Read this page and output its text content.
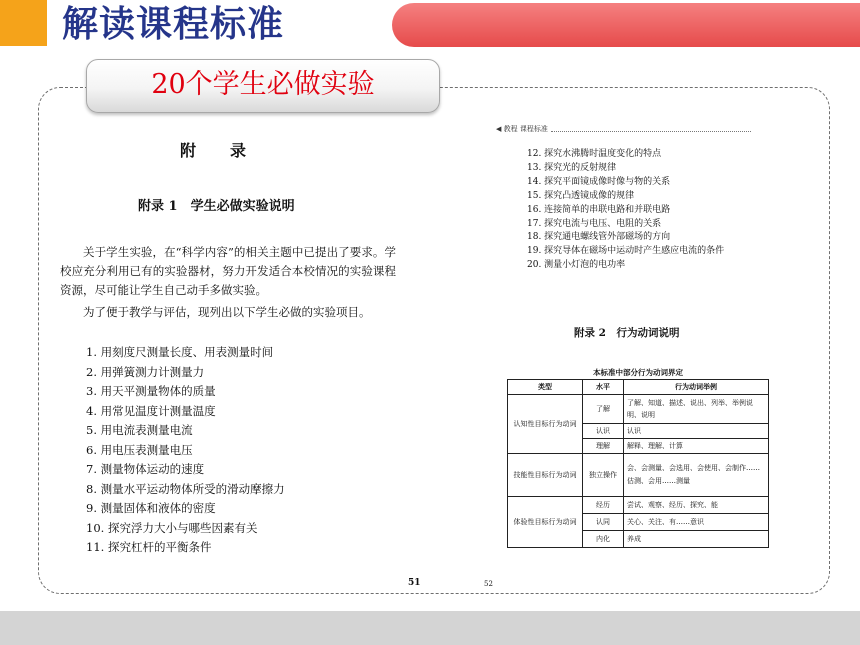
解读课程标准
20个学生必做实验
附录
附录 1　学生必做实验说明
关于学生实验，在“科学内容”的相关主题中已提出了要求。学校应充分利用已有的实验器材，努力开发适合本校情况的实验课程资源，尽可能让学生自己动手多做实验。
为了便于教学与评估，现列出以下学生必做的实验项目。
1. 用刻度尺测量长度、用表测量时间
2. 用弹簧测力计测量力
3. 用天平测量物体的质量
4. 用常见温度计测量温度
5. 用电流表测量电流
6. 用电压表测量电压
7. 测量物体运动的速度
8. 测量水平运动物体所受的滑动摩擦力
9. 测量固体和液体的密度
10. 探究浮力大小与哪些因素有关
11. 探究杠杆的平衡条件
51
◀ 教程 课程标准
12. 探究水沸腾时温度变化的特点
13. 探究光的反射规律
14. 探究平面镜成像时像与物的关系
15. 探究凸透镜成像的规律
16. 连接简单的串联电路和并联电路
17. 探究电流与电压、电阻的关系
18. 探究通电螺线管外部磁场的方向
19. 探究导体在磁场中运动时产生感应电流的条件
20. 测量小灯泡的电功率
附录 2　行为动词说明
本标准中部分行为动词界定
类型	水平	行为动词举例
认知性目标行为动词	了解	了解、知道、描述、说出、列举、举例说明、说明
	认识	认识
	理解	解释、理解、计算
技能性目标行为动词	独立操作	会、会测量、会选用、会使用、会制作……估测、会用……测量
体验性目标行为动词	经历	尝试、观察、经历、探究、能
	认同	关心、关注、有……意识
	内化	养成
52
